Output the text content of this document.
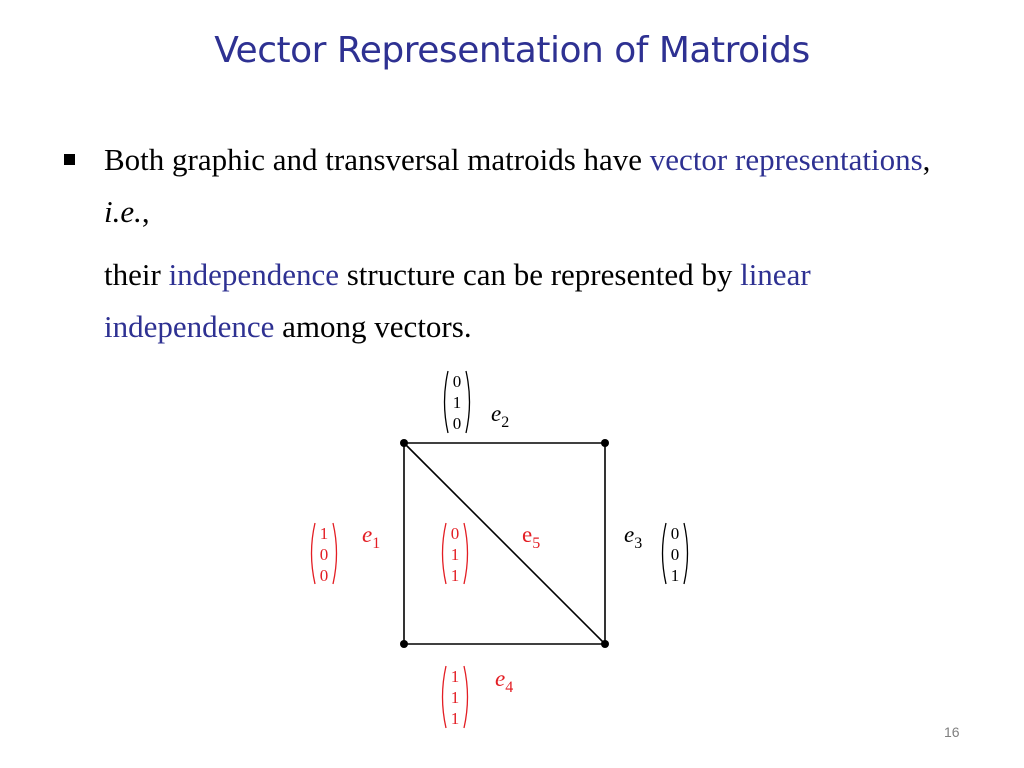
Vector Representation of Matroids
Both graphic and transversal matroids have vector representations, i.e.,
their independence structure can be represented by linear independence among vectors.
0
1
0 $e_2$
1
0
0
$e_1$
0
1
1
$e_5$	$e_3$
0
0
1
1
1
1
$e_4$
16
